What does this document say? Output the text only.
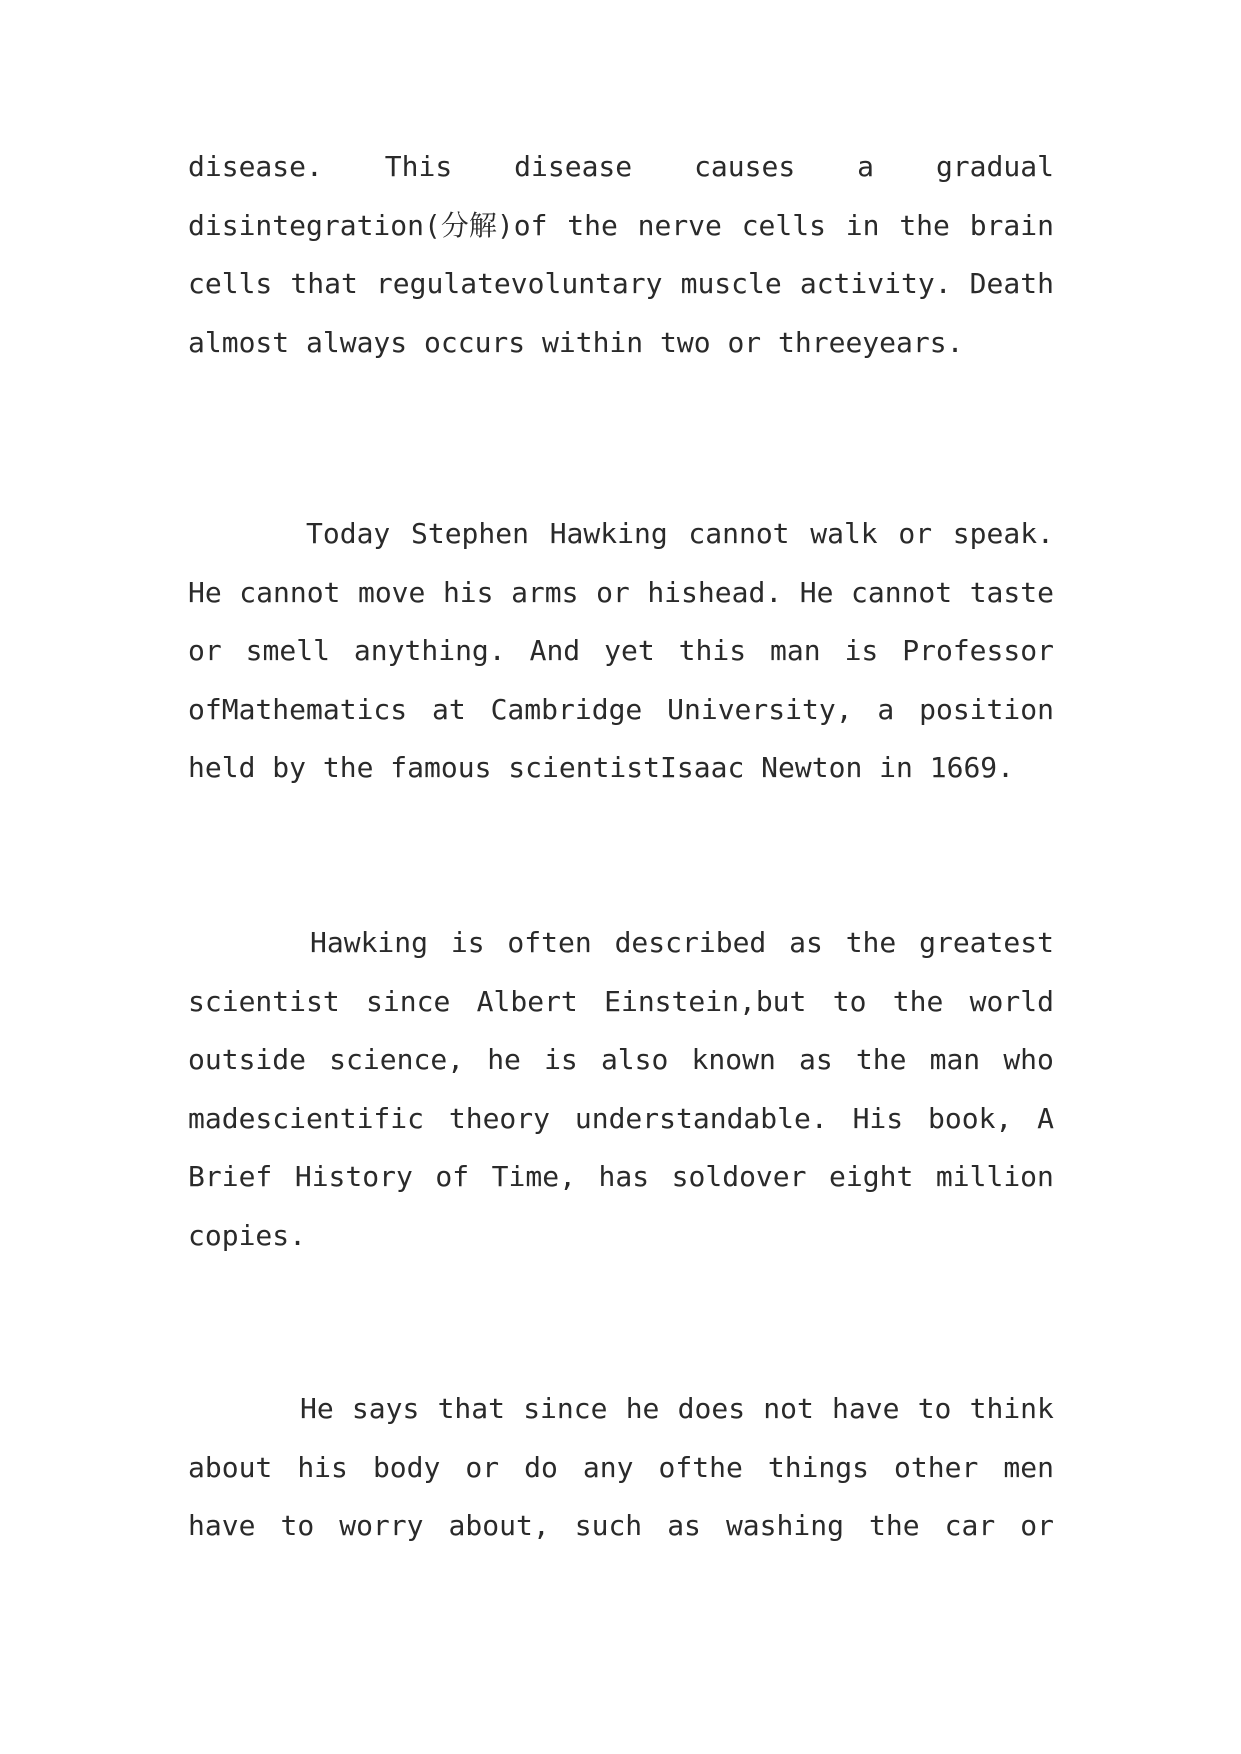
disease. This disease causes a gradual
disintegration(分解)of the nerve cells in the brain
cells that regulatevoluntary muscle activity. Death
almost always occurs within two or threeyears.
Today Stephen Hawking cannot walk or speak.
He cannot move his arms or hishead. He cannot taste
or smell anything. And yet this man is Professor
ofMathematics at Cambridge University, a position
held by the famous scientistIsaac Newton in 1669.
Hawking is often described as the greatest
scientist since Albert Einstein,but to the world
outside science, he is also known as the man who
madescientific theory understandable. His book, A
Brief History of Time, has soldover eight million
copies.
He says that since he does not have to think
about his body or do any ofthe things other men
have to worry about, such as washing the car or
